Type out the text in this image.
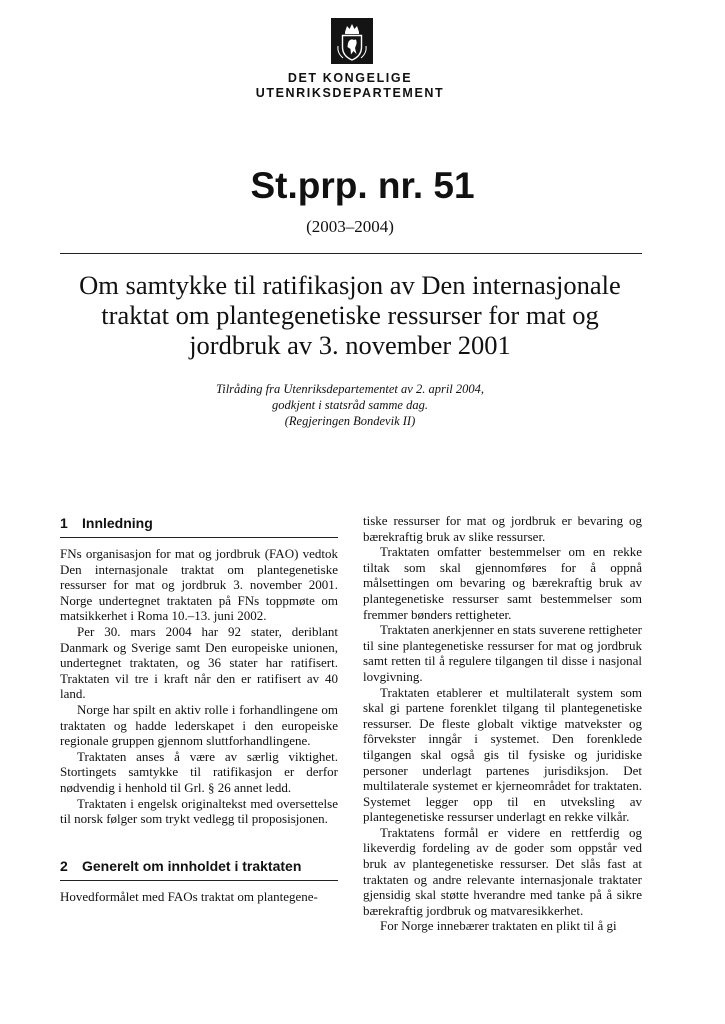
DET KONGELIGE
UTENRIKSDEPARTEMENT
St.prp. nr. 51
(2003–2004)
Om samtykke til ratifikasjon av Den internasjonale traktat om plantegenetiske ressurser for mat og jordbruk av 3. november 2001
Tilråding fra Utenriksdepartementet av 2. april 2004,
godkjent i statsråd samme dag.
(Regjeringen Bondevik II)
1 Innledning

FNs organisasjon for mat og jordbruk (FAO) vedtok Den internasjonale traktat om plantegenetiske ressurser for mat og jordbruk 3. november 2001. Norge undertegnet traktaten på FNs toppmøte om matsikkerhet i Roma 10.–13. juni 2002.

Per 30. mars 2004 har 92 stater, deriblant Danmark og Sverige samt Den europeiske unionen, undertegnet traktaten, og 36 stater har ratifisert. Traktaten vil tre i kraft når den er ratifisert av 40 land.

Norge har spilt en aktiv rolle i forhandlingene om traktaten og hadde lederskapet i den europeiske regionale gruppen gjennom sluttforhandlingene.

Traktaten anses å være av særlig viktighet. Stortingets samtykke til ratifikasjon er derfor nødvendig i henhold til Grl. § 26 annet ledd.

Traktaten i engelsk originaltekst med oversettelse til norsk følger som trykt vedlegg til proposisjonen.

2 Generelt om innholdet i traktaten

Hovedformålet med FAOs traktat om plantegene-

tiske ressurser for mat og jordbruk er bevaring og bærekraftig bruk av slike ressurser.

Traktaten omfatter bestemmelser om en rekke tiltak som skal gjennomføres for å oppnå målsettingen om bevaring og bærekraftig bruk av plantegenetiske ressurser samt bestemmelser som fremmer bønders rettigheter.

Traktaten anerkjenner en stats suverene rettigheter til sine plantegenetiske ressurser for mat og jordbruk samt retten til å regulere tilgangen til disse i nasjonal lovgivning.

Traktaten etablerer et multilateralt system som skal gi partene forenklet tilgang til plantegenetiske ressurser. De fleste globalt viktige matvekster og fôrvekster inngår i systemet. Den forenklede tilgangen skal også gis til fysiske og juridiske personer underlagt partenes jurisdiksjon. Det multilaterale systemet er kjerneområdet for traktaten. Systemet legger opp til en utveksling av plantegenetiske ressurser underlagt en rekke vilkår.

Traktatens formål er videre en rettferdig og likeverdig fordeling av de goder som oppstår ved bruk av plantegenetiske ressurser. Det slås fast at traktaten og andre relevante internasjonale traktater gjensidig skal støtte hverandre med tanke på å sikre bærekraftig jordbruk og matvaresikkerhet.

For Norge innebærer traktaten en plikt til å gi
